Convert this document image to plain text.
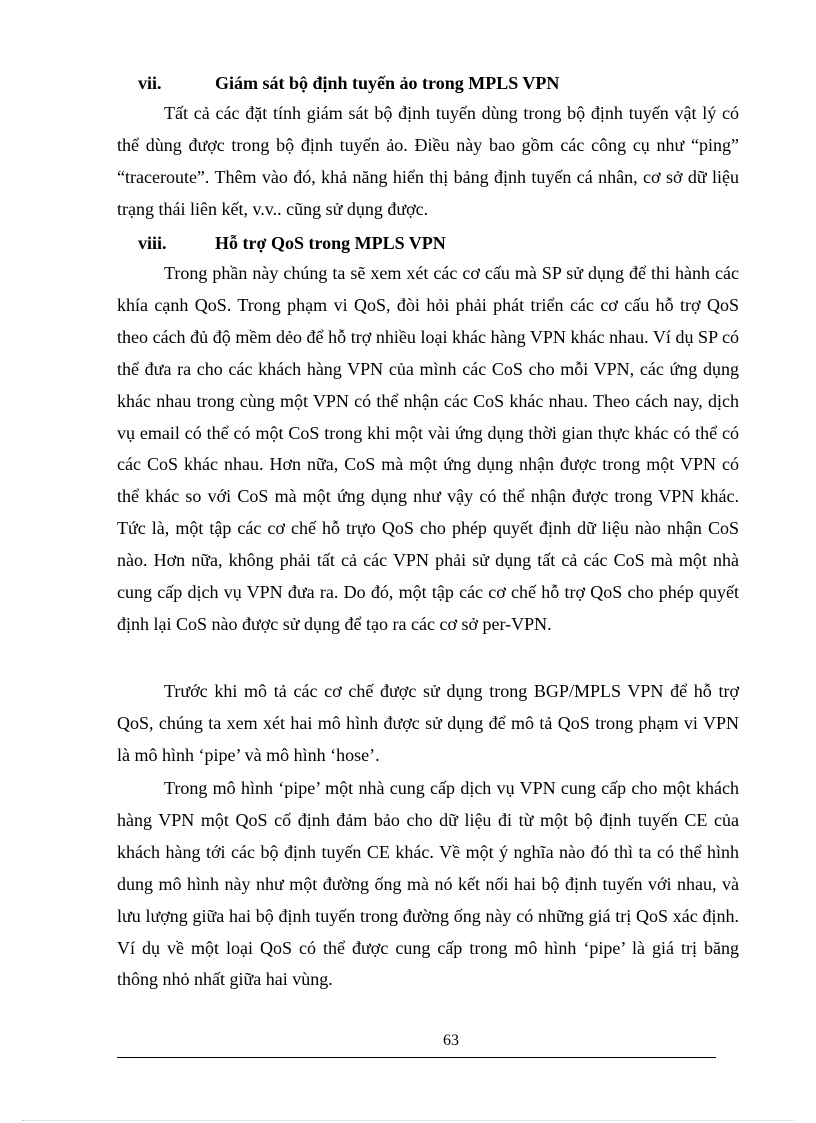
vii.	Giám sát bộ định tuyến ảo trong MPLS VPN

Tất cả các đặt tính giám sát bộ định tuyến dùng trong bộ định tuyến vật lý có thể dùng được trong bộ định tuyến ảo. Điều này bao gồm các công cụ như “ping” “traceroute”. Thêm vào đó, khả năng hiển thị bảng định tuyến cá nhân, cơ sở dữ liệu trạng thái liên kết, v.v.. cũng sử dụng được.

viii.	Hỗ trợ QoS trong MPLS VPN

Trong phần này chúng ta sẽ xem xét các cơ cấu mà SP sử dụng để thi hành các khía cạnh QoS. Trong phạm vi QoS, đòi hỏi phải phát triển các cơ cấu hỗ trợ QoS theo cách đủ độ mềm dẻo để hỗ trợ nhiều loại khác hàng VPN khác nhau. Ví dụ SP có thể đưa ra cho các khách hàng VPN của mình các CoS cho mỗi VPN, các ứng dụng khác nhau trong cùng một VPN có thể nhận các CoS khác nhau. Theo cách nay, dịch vụ email có thể có một CoS trong khi một vài ứng dụng thời gian thực khác có thể có các CoS khác nhau. Hơn nữa, CoS mà một ứng dụng nhận được trong một VPN có thể khác so với CoS mà một ứng dụng như vậy có thể nhận được trong VPN khác. Tức là, một tập các cơ chế hỗ trựo QoS cho phép quyết định dữ liệu nào nhận CoS nào. Hơn nữa, không phải tất cả các VPN phải sử dụng tất cả các CoS mà một nhà cung cấp dịch vụ VPN đưa ra. Do đó, một tập các cơ chế hỗ trợ QoS cho phép quyết định lại CoS nào được sử dụng để tạo ra các cơ sở per-VPN.

Trước khi mô tả các cơ chế được sử dụng trong BGP/MPLS VPN để hỗ trợ QoS, chúng ta xem xét hai mô hình được sử dụng để mô tả QoS trong phạm vi VPN là mô hình ‘pipe’ và mô hình ‘hose’.

Trong mô hình ‘pipe’ một nhà cung cấp dịch vụ VPN cung cấp cho một khách hàng VPN một QoS cố định đảm bảo cho dữ liệu đi từ một bộ định tuyến CE của khách hàng tới các bộ định tuyến CE khác. Về một ý nghĩa nào đó thì ta có thể hình dung mô hình này như một đường ống mà nó kết nối hai bộ định tuyến với nhau, và lưu lượng giữa hai bộ định tuyến trong đường ống này có những giá trị QoS xác định. Ví dụ về một loại QoS có thể được cung cấp trong mô hình ‘pipe’ là giá trị băng thông nhỏ nhất giữa hai vùng.

63
